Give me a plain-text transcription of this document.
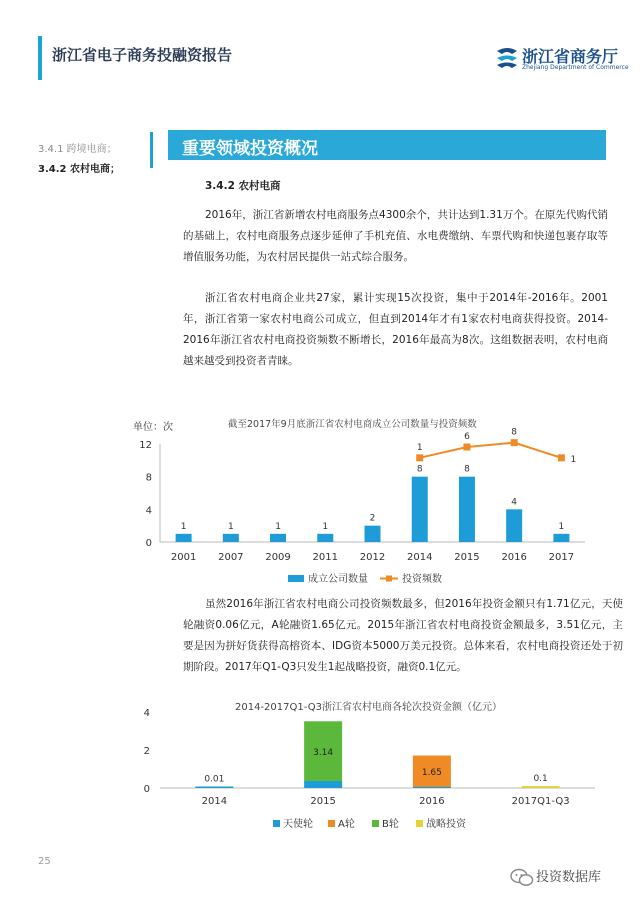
浙江省电子商务投融资报告	浙江省商务厅
Zhejiang Department of Commerce
3.4.1 跨境电商；
3.4.2 农村电商；
重要领域投资概况
3.4.2 农村电商

2016年，浙江省新增农村电商服务点4300余个，共计达到1.31万个。在原先代购代销的基础上，农村电商服务点逐步延伸了手机充值、水电费缴纳、车票代购和快递包裹存取等增值服务功能，为农村居民提供一站式综合服务。

浙江省农村电商企业共27家，累计实现15次投资，集中于2014年-2016年。2001年，浙江省第一家农村电商公司成立，但直到2014年才有1家农村电商获得投资。2014-2016年浙江省农村电商投资频数不断增长，2016年最高为8次。这组数据表明，农村电商越来越受到投资者青睐。

截至2017年9月底浙江省农村电商成立公司数量与投资频数
单位：次
0
4
8
12
1	1	1	1
2
8	8
4
1
2001 2007 2009 2011 2012 2014 2015 2016 2017
1
6	8
1
成立公司数量	投资频数

虽然2016年浙江省农村电商公司投资频数最多，但2016年投资金额只有1.71亿元，天使轮融资0.06亿元，A轮融资1.65亿元。2015年浙江省农村电商投资金额最多，3.51亿元，主要是因为拼好货获得高榕资本、IDG资本5000万美元投资。总体来看，农村电商投资还处于初期阶段。2017年Q1-Q3只发生1起战略投资，融资0.1亿元。

2014-2017Q1-Q3浙江省农村电商各轮次投资金额（亿元）
0
2
4
0.01
3.14
1.65
0.1
2014	2015	2016	2017Q1-Q3
天使轮	A轮	B轮	战略投资
25
投资数据库
